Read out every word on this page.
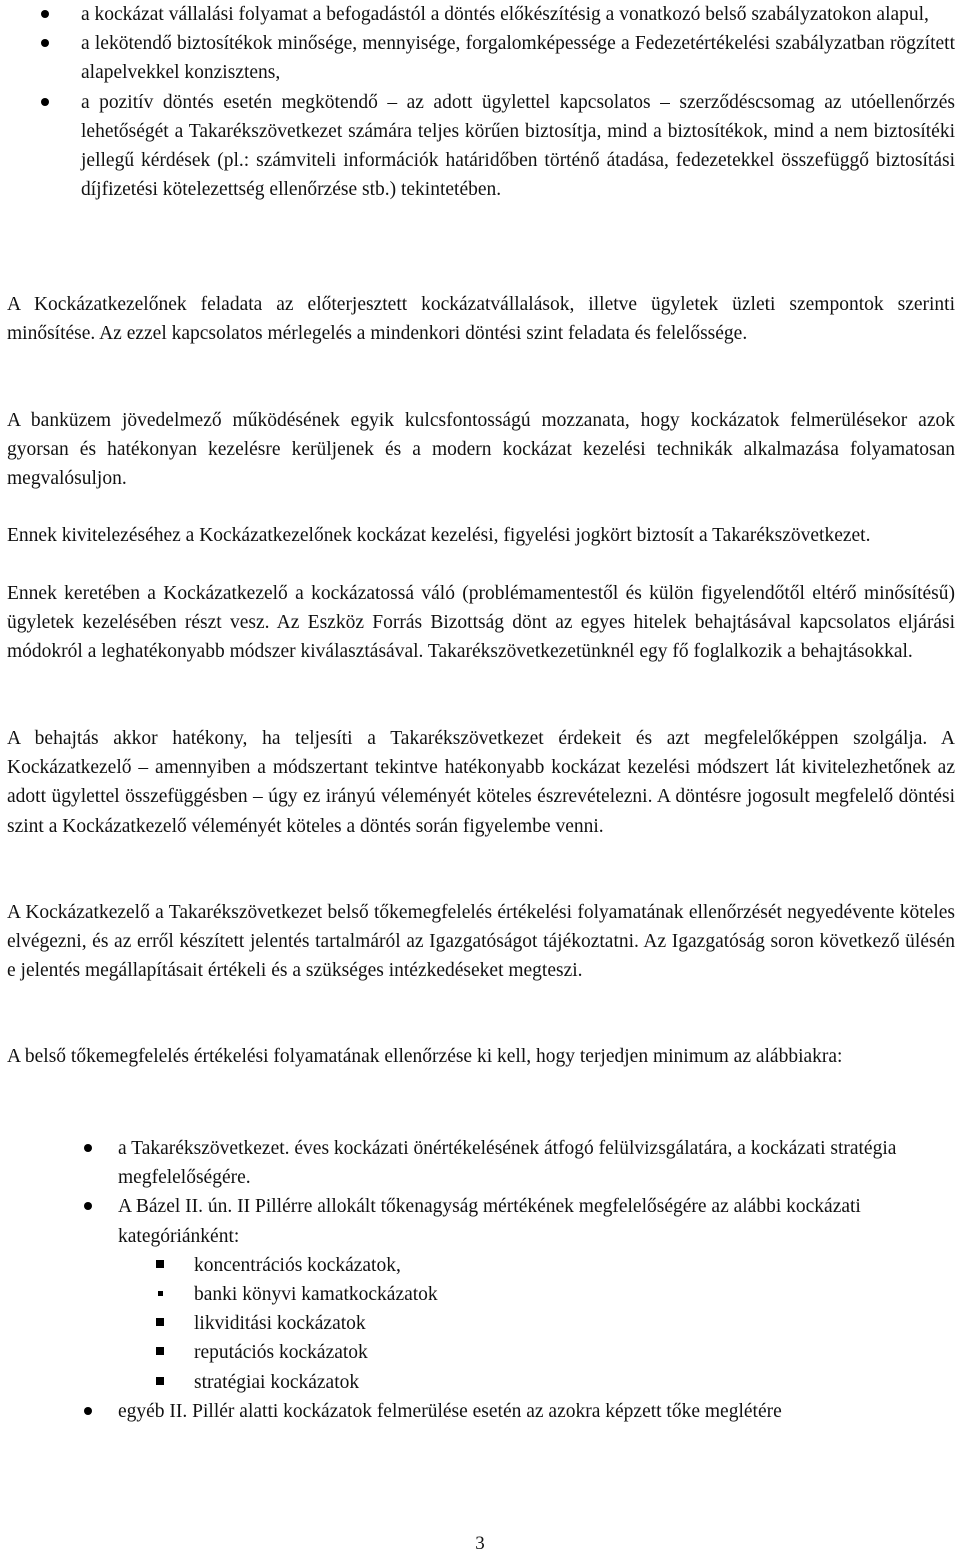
a kockázat vállalási folyamat a befogadástól a döntés előkészítésig a vonatkozó belső szabályzatokon alapul,
a lekötendő biztosítékok minősége, mennyisége, forgalomképessége a Fedezetértékelési szabályzatban rögzített alapelvekkel konzisztens,
a pozitív döntés esetén megkötendő – az adott ügylettel kapcsolatos – szerződéscsomag az utóellenőrzés lehetőségét a Takarékszövetkezet számára teljes körűen biztosítja, mind a biztosítékok, mind a nem biztosítéki jellegű kérdések (pl.: számviteli információk határidőben történő átadása, fedezetekkel összefüggő biztosítási díjfizetési kötelezettség ellenőrzése stb.) tekintetében.

A Kockázatkezelőnek feladata az előterjesztett kockázatvállalások, illetve ügyletek üzleti szempontok szerinti minősítése. Az ezzel kapcsolatos mérlegelés a mindenkori döntési szint feladata és felelőssége.

A banküzem jövedelmező működésének egyik kulcsfontosságú mozzanata, hogy kockázatok felmerülésekor azok gyorsan és hatékonyan kezelésre kerüljenek és a modern kockázat kezelési technikák alkalmazása folyamatosan megvalósuljon.

Ennek kivitelezéséhez a Kockázatkezelőnek kockázat kezelési, figyelési jogkört biztosít a Takarékszövetkezet.

Ennek keretében a Kockázatkezelő a kockázatossá váló (problémamentestől és külön figyelendőtől eltérő minősítésű) ügyletek kezelésében részt vesz. Az Eszköz Forrás Bizottság dönt az egyes hitelek behajtásával kapcsolatos eljárási módokról a leghatékonyabb módszer kiválasztásával. Takarékszövetkezetünknél egy fő foglalkozik a behajtásokkal.

A behajtás akkor hatékony, ha teljesíti a Takarékszövetkezet érdekeit és azt megfelelőképpen szolgálja. A Kockázatkezelő – amennyiben a módszertant tekintve hatékonyabb kockázat kezelési módszert lát kivitelezhetőnek az adott ügylettel összefüggésben – úgy ez irányú véleményét köteles észrevételezni. A döntésre jogosult megfelelő döntési szint a Kockázatkezelő véleményét köteles a döntés során figyelembe venni.

A Kockázatkezelő a Takarékszövetkezet belső tőkemegfelelés értékelési folyamatának ellenőrzését negyedévente köteles elvégezni, és az erről készített jelentés tartalmáról az Igazgatóságot tájékoztatni. Az Igazgatóság soron következő ülésén e jelentés megállapításait értékeli és a szükséges intézkedéseket megteszi.

A belső tőkemegfelelés értékelési folyamatának ellenőrzése ki kell, hogy terjedjen minimum az alábbiakra:

a Takarékszövetkezet. éves kockázati önértékelésének átfogó felülvizsgálatára, a kockázati stratégia megfelelőségére.
A Bázel II. ún. II Pillérre allokált tőkenagyság mértékének megfelelőségére az alábbi kockázati kategóriánként:
koncentrációs kockázatok,
banki könyvi kamatkockázatok
likviditási kockázatok
reputációs kockázatok
stratégiai kockázatok
egyéb II. Pillér alatti kockázatok felmerülése esetén az azokra képzett tőke meglétére
3
